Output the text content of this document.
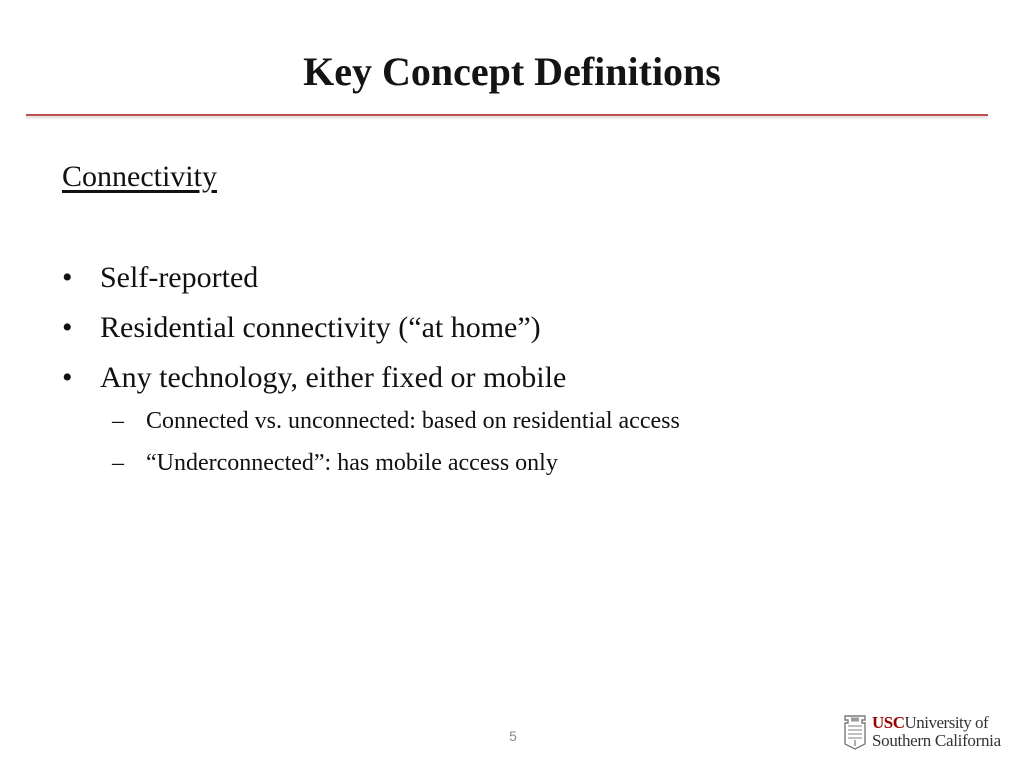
Key Concept Definitions
Connectivity
• Self-reported
• Residential connectivity (“at home”)
• Any technology, either fixed or mobile
– Connected vs. unconnected: based on residential access
– “Underconnected”: has mobile access only
5
USCUniversity of
Southern California
